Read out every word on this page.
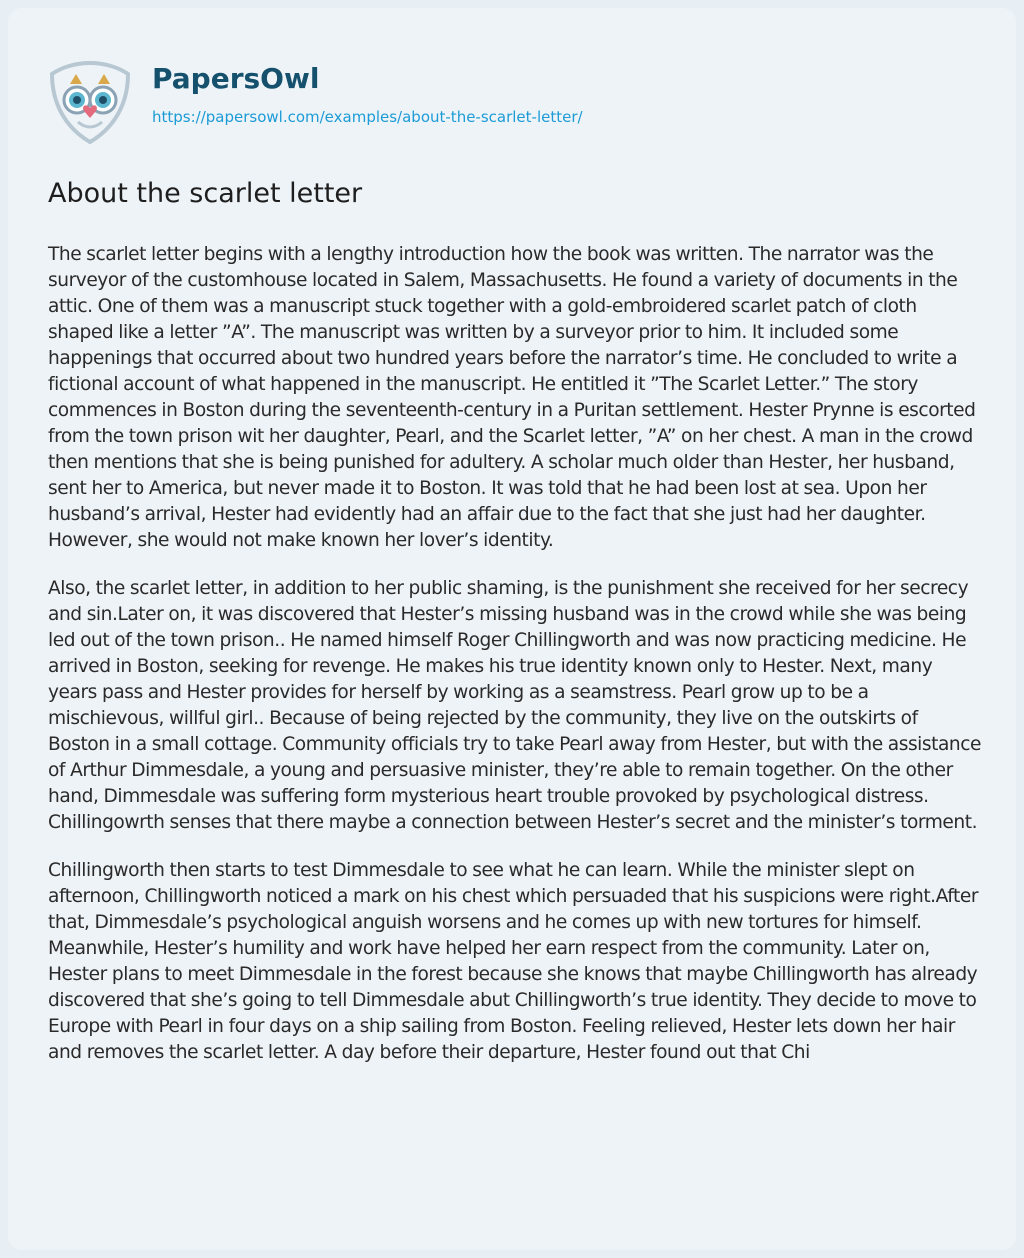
PapersOwl
https://papersowl.com/examples/about-the-scarlet-letter/
About the scarlet letter

The scarlet letter begins with a lengthy introduction how the book was written. The narrator was the surveyor of the customhouse located in Salem, Massachusetts. He found a variety of documents in the attic. One of them was a manuscript stuck together with a gold-embroidered scarlet patch of cloth shaped like a letter ”A”. The manuscript was written by a surveyor prior to him. It included some happenings that occurred about two hundred years before the narrator’s time. He concluded to write a fictional account of what happened in the manuscript. He entitled it ”The Scarlet Letter.” The story commences in Boston during the seventeenth-century in a Puritan settlement. Hester Prynne is escorted from the town prison wit her daughter, Pearl, and the Scarlet letter, ”A” on her chest. A man in the crowd then mentions that she is being punished for adultery. A scholar much older than Hester, her husband, sent her to America, but never made it to Boston. It was told that he had been lost at sea. Upon her husband’s arrival, Hester had evidently had an affair due to the fact that she just had her daughter. However, she would not make known her lover’s identity.

Also, the scarlet letter, in addition to her public shaming, is the punishment she received for her secrecy and sin.Later on, it was discovered that Hester’s missing husband was in the crowd while she was being led out of the town prison.. He named himself Roger Chillingworth and was now practicing medicine. He arrived in Boston, seeking for revenge. He makes his true identity known only to Hester. Next, many years pass and Hester provides for herself by working as a seamstress. Pearl grow up to be a mischievous, willful girl.. Because of being rejected by the community, they live on the outskirts of Boston in a small cottage. Community officials try to take Pearl away from Hester, but with the assistance of Arthur Dimmesdale, a young and persuasive minister, they’re able to remain together. On the other hand, Dimmesdale was suffering form mysterious heart trouble provoked by psychological distress. Chillingowrth senses that there maybe a connection between Hester’s secret and the minister’s torment.

Chillingworth then starts to test Dimmesdale to see what he can learn. While the minister slept on afternoon, Chillingworth noticed a mark on his chest which persuaded that his suspicions were right.After that, Dimmesdale’s psychological anguish worsens and he comes up with new tortures for himself. Meanwhile, Hester’s humility and work have helped her earn respect from the community. Later on, Hester plans to meet Dimmesdale in the forest because she knows that maybe Chillingworth has already discovered that she’s going to tell Dimmesdale abut Chillingworth’s true identity. They decide to move to Europe with Pearl in four days on a ship sailing from Boston. Feeling relieved, Hester lets down her hair and removes the scarlet letter. A day before their departure, Hester found out that Chi
